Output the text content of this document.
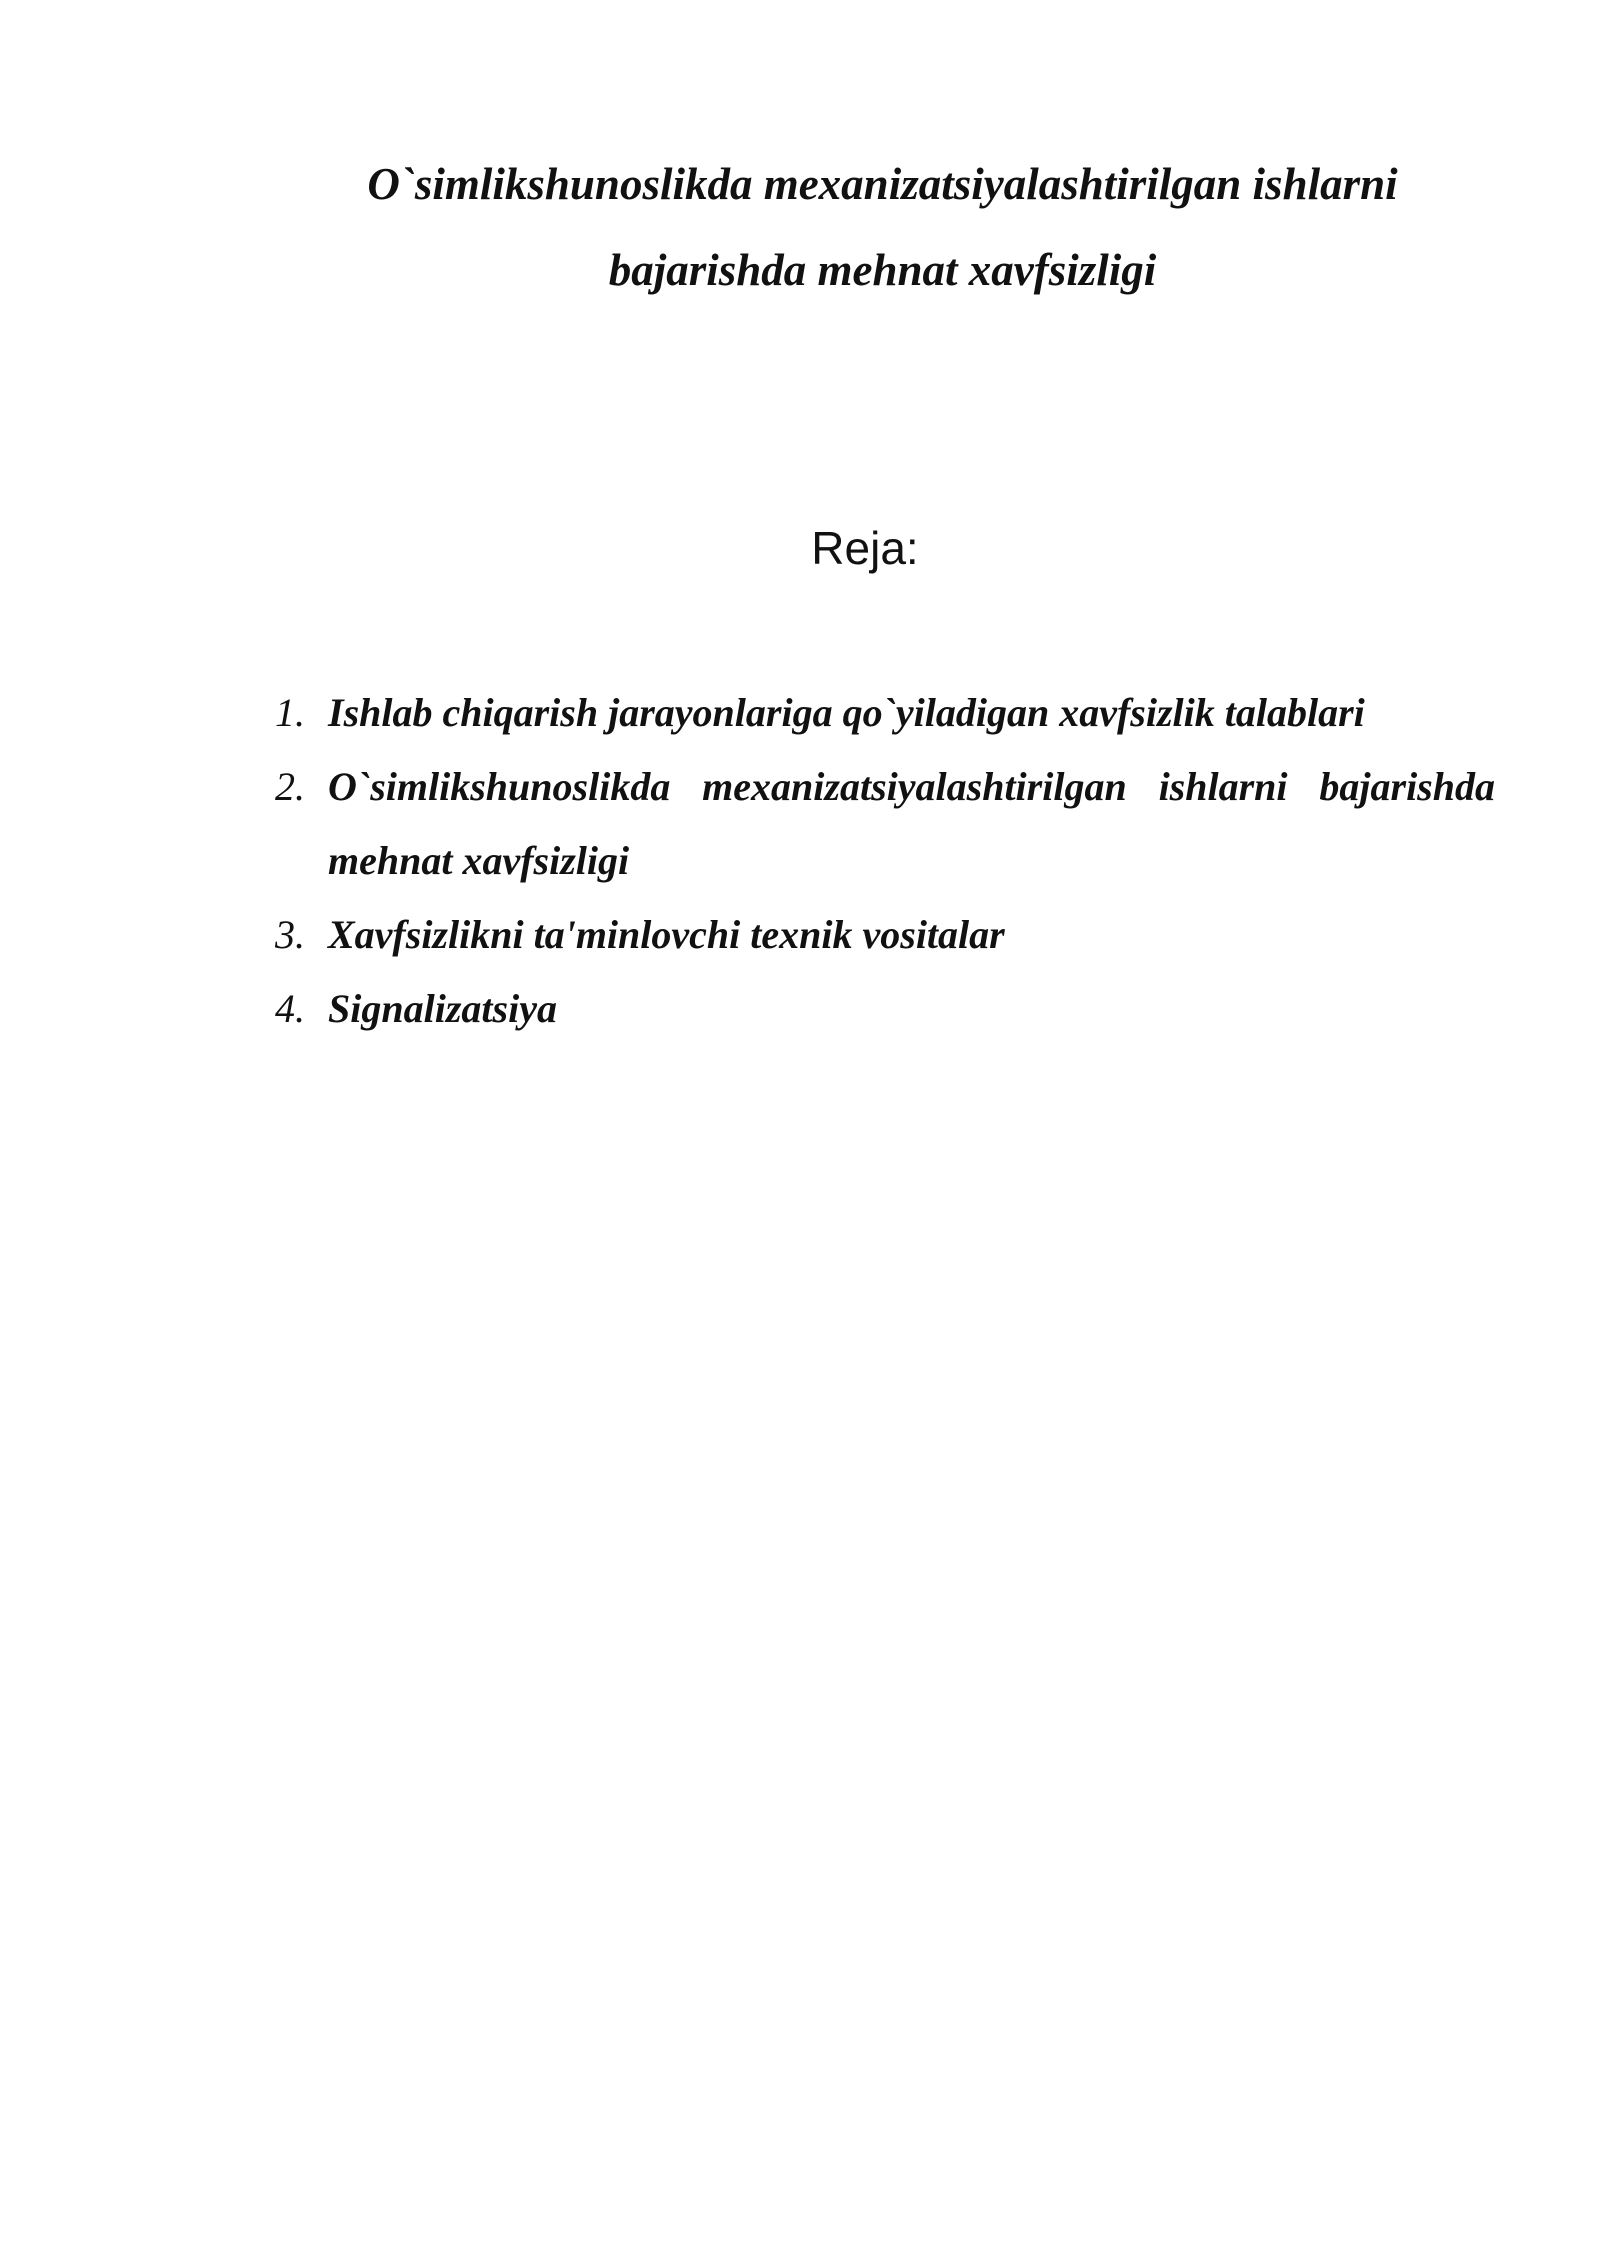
O`simlikshunoslikda mexanizatsiyalashtirilgan ishlarni
bajarishda mehnat xavfsizligi
Reja:
1. Ishlab chiqarish jarayonlariga qo`yiladigan xavfsizlik talablari
2. O`simlikshunoslikda mexanizatsiyalashtirilgan ishlarni bajarishda mehnat xavfsizligi
3. Xavfsizlikni ta'minlovchi texnik vositalar
4. Signalizatsiya
